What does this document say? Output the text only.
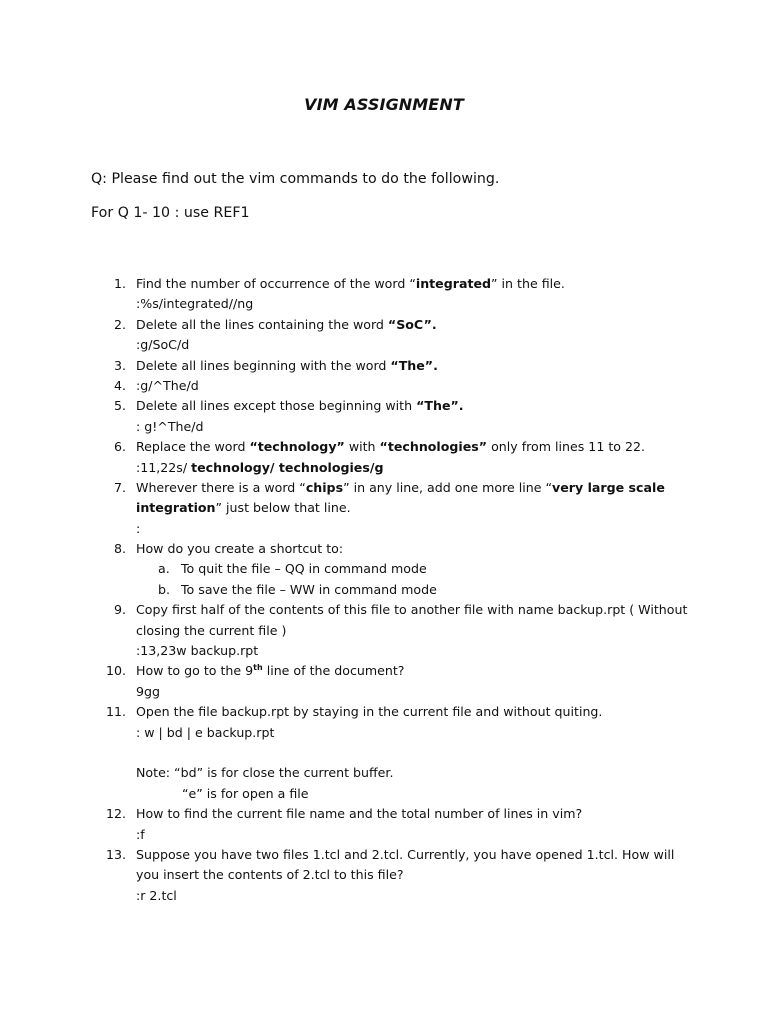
VIM ASSIGNMENT
Q: Please find out the vim commands to do the following.
For Q 1- 10 : use REF1
1. Find the number of occurrence of the word “integrated” in the file.
:%s/integrated//ng
2. Delete all the lines containing the word “SoC”.
:g/SoC/d
3. Delete all lines beginning with the word “The”.
4. :g/^The/d
5. Delete all lines except those beginning with “The”.
: g!^The/d
6. Replace the word “technology” with “technologies” only from lines 11 to 22.
:11,22s/ technology/ technologies/g
7. Wherever there is a word “chips” in any line, add one more line “very large scale
integration” just below that line.
:
8. How do you create a shortcut to:
a. To quit the file – QQ in command mode
b. To save the file – WW in command mode
9. Copy first half of the contents of this file to another file with name backup.rpt ( Without
closing the current file )
:13,23w backup.rpt
10. How to go to the 9th line of the document?
9gg
11. Open the file backup.rpt by staying in the current file and without quiting.
: w | bd | e backup.rpt
Note: “bd” is for close the current buffer.
“e” is for open a file
12. How to find the current file name and the total number of lines in vim?
:f
13. Suppose you have two files 1.tcl and 2.tcl. Currently, you have opened 1.tcl. How will
you insert the contents of 2.tcl to this file?
:r 2.tcl
